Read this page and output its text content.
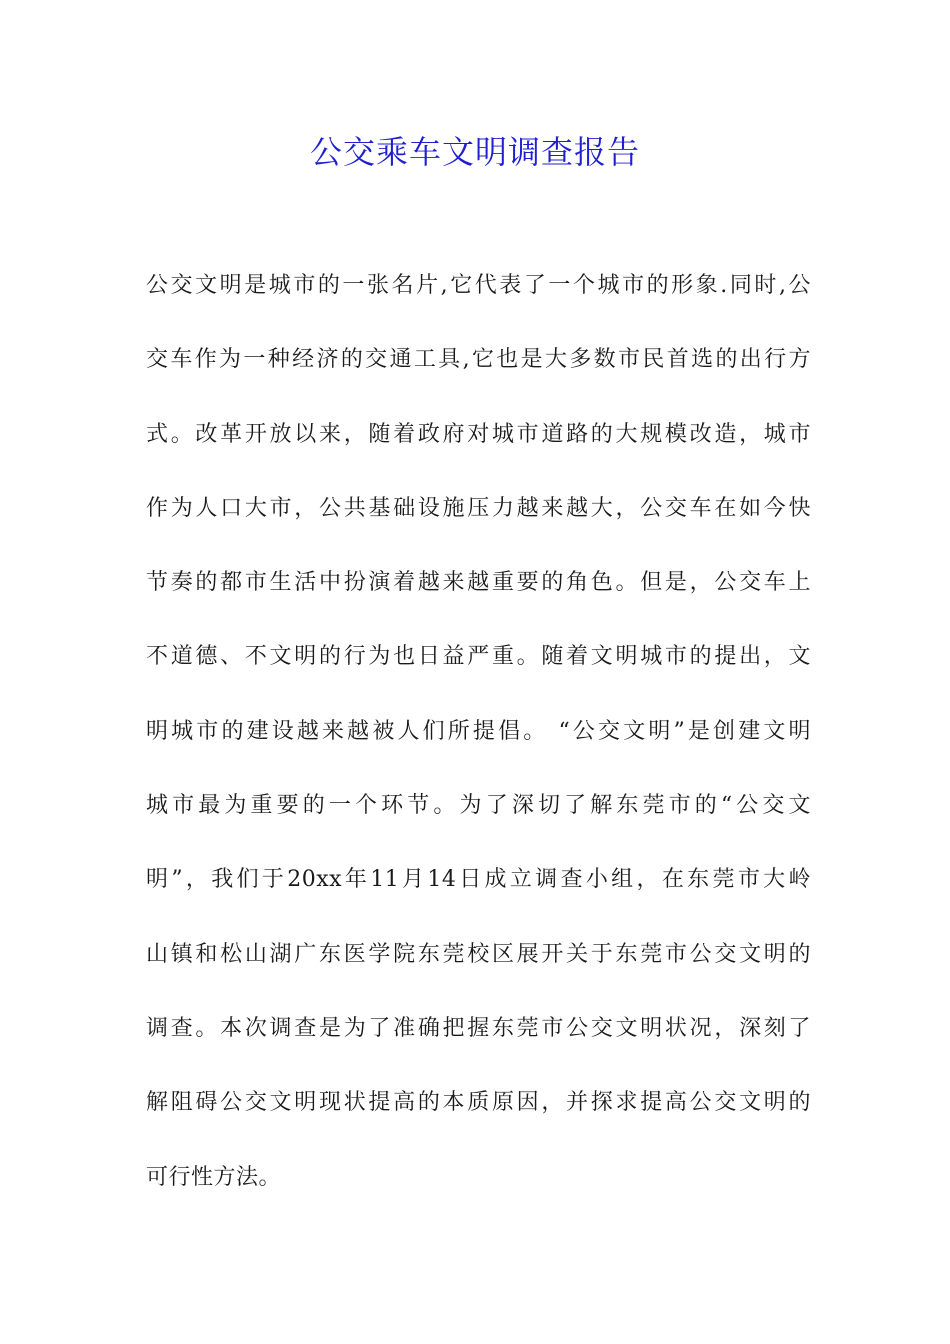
公交乘车文明调查报告
公交文明是城市的一张名片,它代表了一个城市的形象.同时,公
交车作为一种经济的交通工具,它也是大多数市民首选的出行方
式。改革开放以来，随着政府对城市道路的大规模改造，城市
作为人口大市，公共基础设施压力越来越大，公交车在如今快
节奏的都市生活中扮演着越来越重要的角色。但是，公交车上
不道德、不文明的行为也日益严重。随着文明城市的提出，文
明城市的建设越来越被人们所提倡。 “公交文明”是创建文明
城市最为重要的一个环节。为了深切了解东莞市的“公交文
明”，我们于20xx年11月14日成立调查小组，在东莞市大岭
山镇和松山湖广东医学院东莞校区展开关于东莞市公交文明的
调查。本次调查是为了准确把握东莞市公交文明状况，深刻了
解阻碍公交文明现状提高的本质原因，并探求提高公交文明的
可行性方法。
